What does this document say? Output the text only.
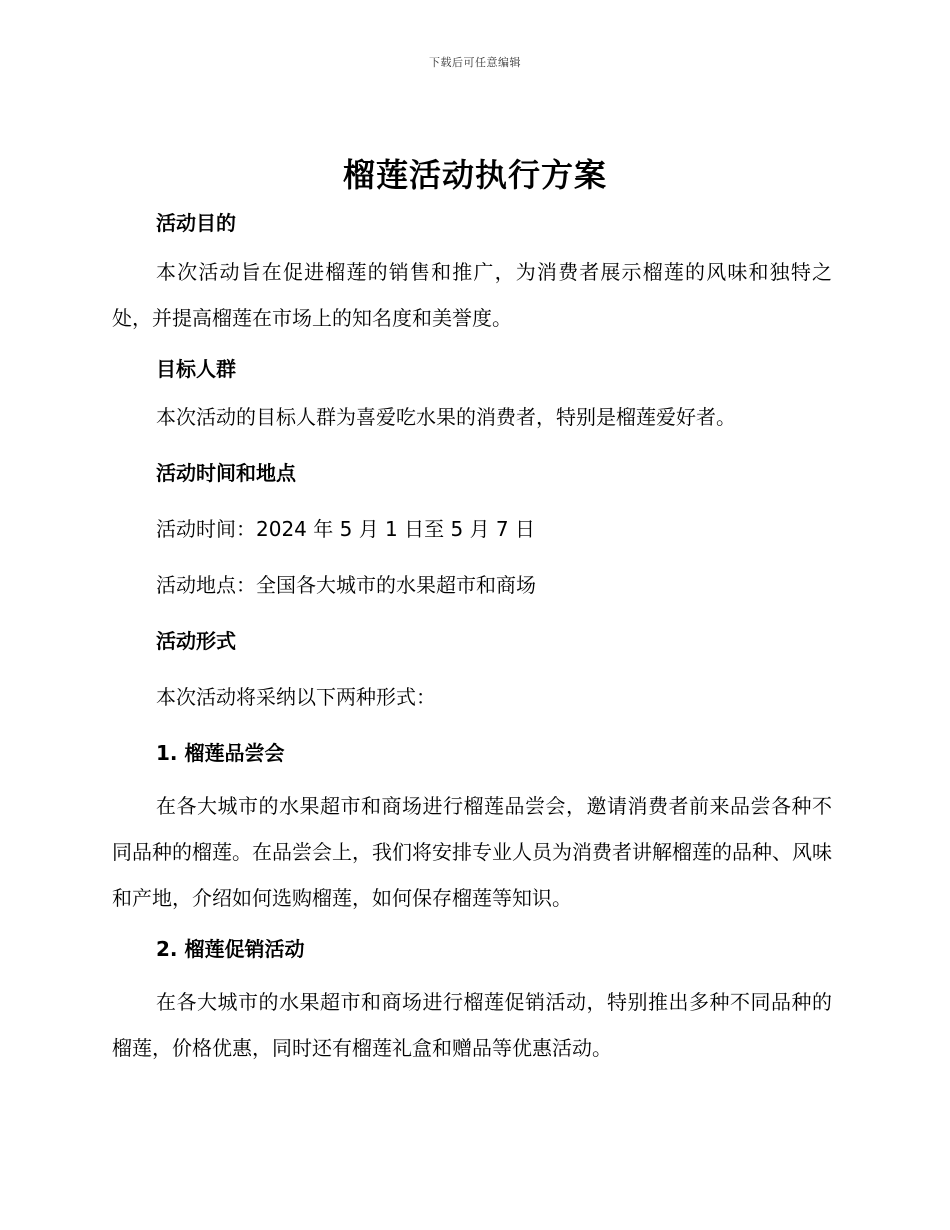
下载后可任意编辑
榴莲活动执行方案
活动目的
本次活动旨在促进榴莲的销售和推广，为消费者展示榴莲的风味和独特之处，并提高榴莲在市场上的知名度和美誉度。
目标人群
本次活动的目标人群为喜爱吃水果的消费者，特别是榴莲爱好者。
活动时间和地点
活动时间：2024 年 5 月 1 日至 5 月 7 日
活动地点：全国各大城市的水果超市和商场
活动形式
本次活动将采纳以下两种形式：
1. 榴莲品尝会
在各大城市的水果超市和商场进行榴莲品尝会，邀请消费者前来品尝各种不同品种的榴莲。在品尝会上，我们将安排专业人员为消费者讲解榴莲的品种、风味和产地，介绍如何选购榴莲，如何保存榴莲等知识。
2. 榴莲促销活动
在各大城市的水果超市和商场进行榴莲促销活动，特别推出多种不同品种的榴莲，价格优惠，同时还有榴莲礼盒和赠品等优惠活动。
